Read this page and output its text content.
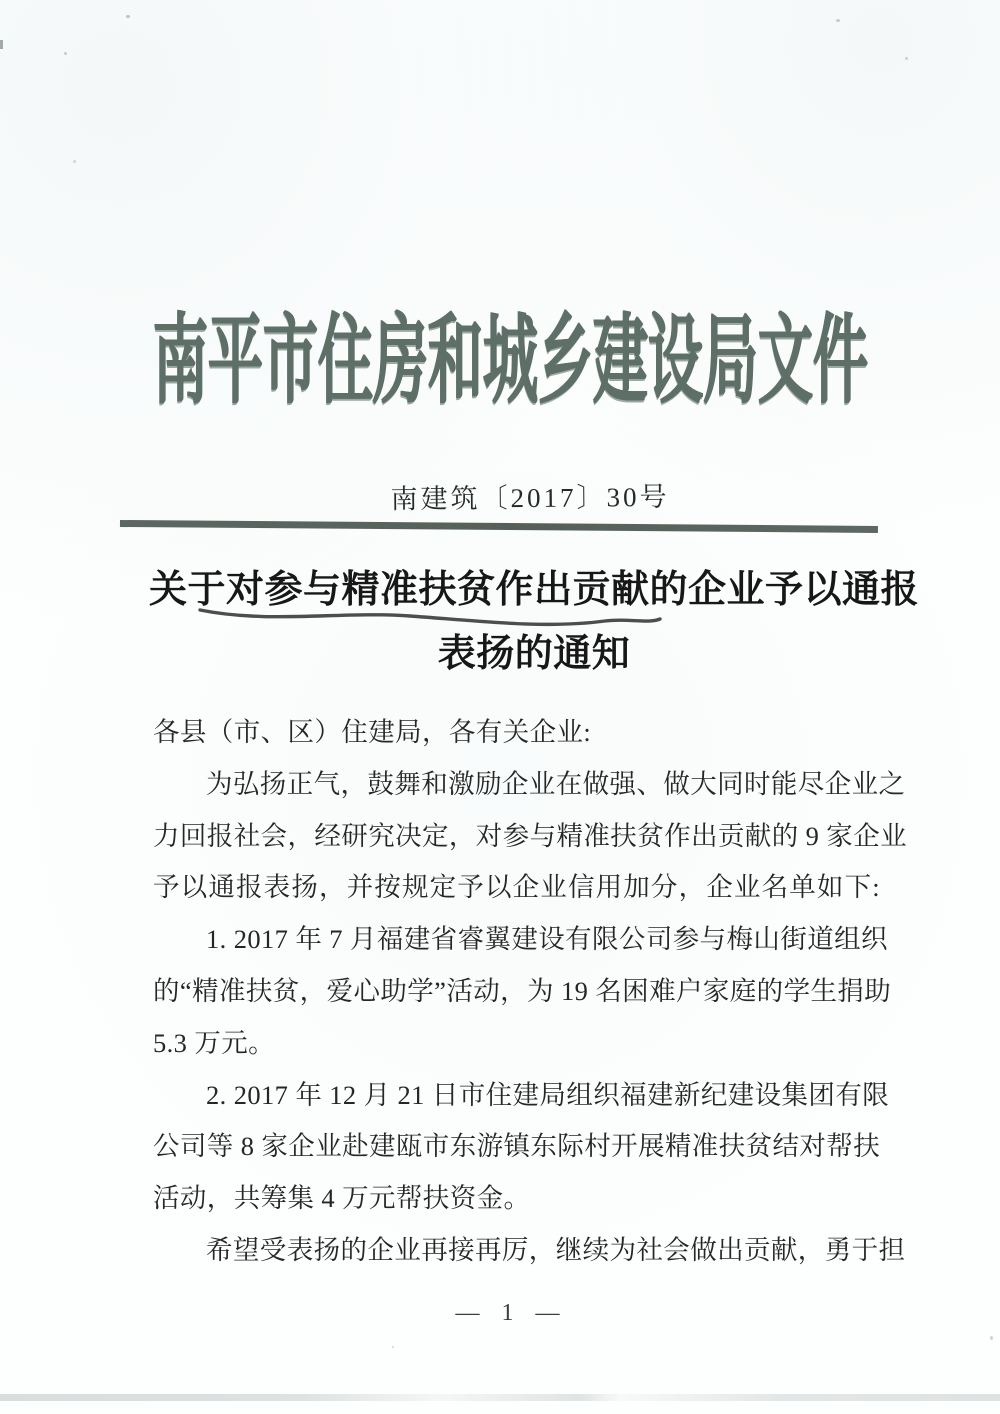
南平市住房和城乡建设局文件
南建筑〔2017〕30号
关于对参与精准扶贫作出贡献的企业予以通报
表扬的通知
各县（市、区）住建局，各有关企业:
为弘扬正气，鼓舞和激励企业在做强、做大同时能尽企业之
力回报社会，经研究决定，对参与精准扶贫作出贡献的 9 家企业
予以通报表扬，并按规定予以企业信用加分，企业名单如下:
1. 2017 年 7 月福建省睿翼建设有限公司参与梅山街道组织
的“精准扶贫，爱心助学”活动，为 19 名困难户家庭的学生捐助
5.3 万元。
2. 2017 年 12 月 21 日市住建局组织福建新纪建设集团有限
公司等 8 家企业赴建瓯市东游镇东际村开展精准扶贫结对帮扶
活动，共筹集 4 万元帮扶资金。
希望受表扬的企业再接再厉，继续为社会做出贡献，勇于担
— 1 —
